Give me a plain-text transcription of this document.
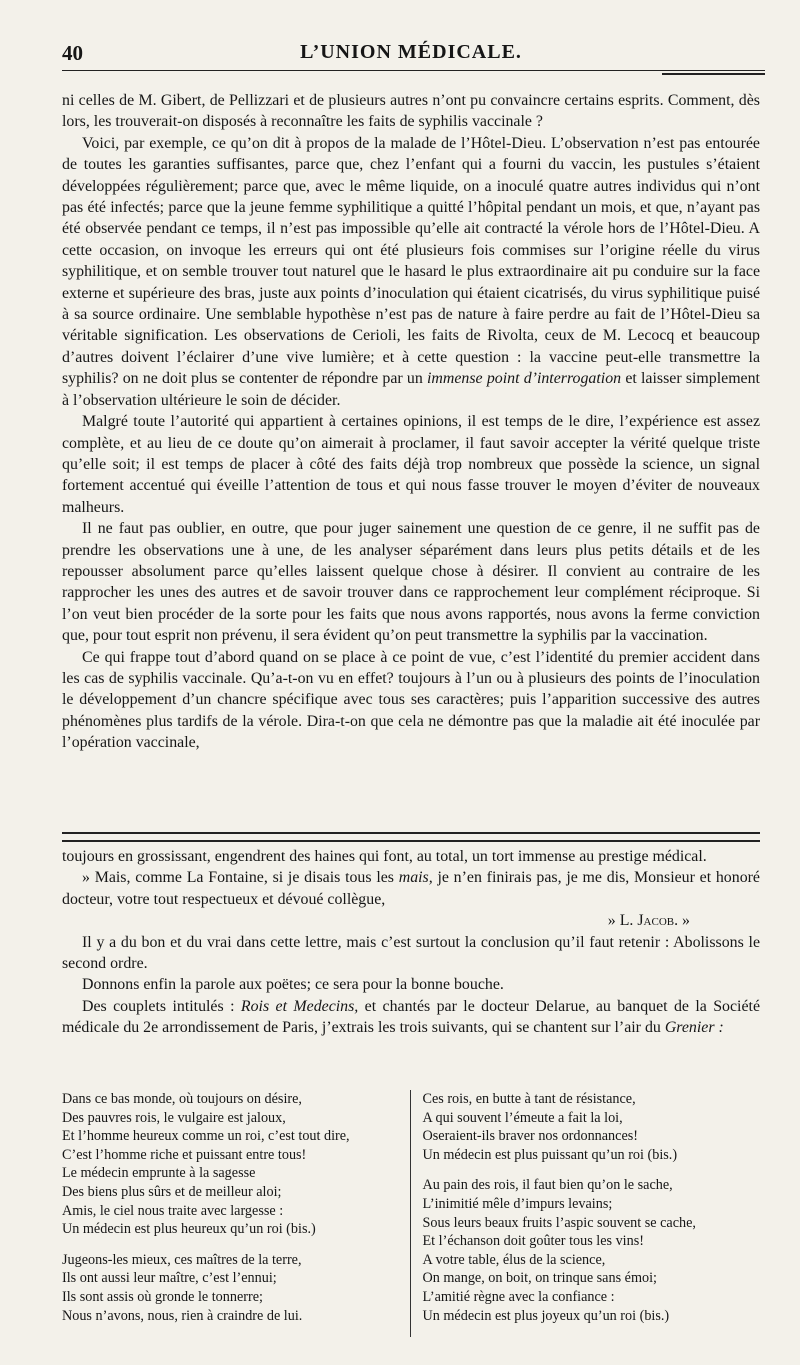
40	L’UNION MÉDICALE.

ni celles de M. Gibert, de Pellizzari et de plusieurs autres n’ont pu convaincre certains esprits. Comment, dès lors, les trouverait-on disposés à reconnaître les faits de syphilis vaccinale ?

Voici, par exemple, ce qu’on dit à propos de la malade de l’Hôtel-Dieu. L’observation n’est pas entourée de toutes les garanties suffisantes, parce que, chez l’enfant qui a fourni du vaccin, les pustules s’étaient développées régulièrement; parce que, avec le même liquide, on a inoculé quatre autres individus qui n’ont pas été infectés; parce que la jeune femme syphilitique a quitté l’hôpital pendant un mois, et que, n’ayant pas été observée pendant ce temps, il n’est pas impossible qu’elle ait contracté la vérole hors de l’Hôtel-Dieu. A cette occasion, on invoque les erreurs qui ont été plusieurs fois commises sur l’origine réelle du virus syphilitique, et on semble trouver tout naturel que le hasard le plus extraordinaire ait pu conduire sur la face externe et supérieure des bras, juste aux points d’inoculation qui étaient cicatrisés, du virus syphilitique puisé à sa source ordinaire. Une semblable hypothèse n’est pas de nature à faire perdre au fait de l’Hôtel-Dieu sa véritable signification. Les observations de Cerioli, les faits de Rivolta, ceux de M. Lecocq et beaucoup d’autres doivent l’éclairer d’une vive lumière; et à cette question : la vaccine peut-elle transmettre la syphilis? on ne doit plus se contenter de répondre par un immense point d’interrogation et laisser simplement à l’observation ultérieure le soin de décider.

Malgré toute l’autorité qui appartient à certaines opinions, il est temps de le dire, l’expérience est assez complète, et au lieu de ce doute qu’on aimerait à proclamer, il faut savoir accepter la vérité quelque triste qu’elle soit; il est temps de placer à côté des faits déjà trop nombreux que possède la science, un signal fortement accentué qui éveille l’attention de tous et qui nous fasse trouver le moyen d’éviter de nouveaux malheurs.

Il ne faut pas oublier, en outre, que pour juger sainement une question de ce genre, il ne suffit pas de prendre les observations une à une, de les analyser séparément dans leurs plus petits détails et de les repousser absolument parce qu’elles laissent quelque chose à désirer. Il convient au contraire de les rapprocher les unes des autres et de savoir trouver dans ce rapprochement leur complément réciproque. Si l’on veut bien procéder de la sorte pour les faits que nous avons rapportés, nous avons la ferme conviction que, pour tout esprit non prévenu, il sera évident qu’on peut transmettre la syphilis par la vaccination.

Ce qui frappe tout d’abord quand on se place à ce point de vue, c’est l’identité du premier accident dans les cas de syphilis vaccinale. Qu’a-t-on vu en effet? toujours à l’un ou à plusieurs des points de l’inoculation le développement d’un chancre spécifique avec tous ses caractères; puis l’apparition successive des autres phénomènes plus tardifs de la vérole. Dira-t-on que cela ne démontre pas que la maladie ait été inoculée par l’opération vaccinale,

toujours en grossissant, engendrent des haines qui font, au total, un tort immense au prestige médical.

» Mais, comme La Fontaine, si je disais tous les mais, je n’en finirais pas, je me dis, Monsieur et honoré docteur, votre tout respectueux et dévoué collègue,

» L. Jacob. »

Il y a du bon et du vrai dans cette lettre, mais c’est surtout la conclusion qu’il faut retenir : Abolissons le second ordre.

Donnons enfin la parole aux poëtes; ce sera pour la bonne bouche.

Des couplets intitulés : Rois et Medecins, et chantés par le docteur Delarue, au banquet de la Société médicale du 2e arrondissement de Paris, j’extrais les trois suivants, qui se chantent sur l’air du Grenier :

Dans ce bas monde, où toujours on désire,
Des pauvres rois, le vulgaire est jaloux,
Et l’homme heureux comme un roi, c’est tout dire,
C’est l’homme riche et puissant entre tous!
Le médecin emprunte à la sagesse
Des biens plus sûrs et de meilleur aloi;
Amis, le ciel nous traite avec largesse :
Un médecin est plus heureux qu’un roi (bis.)
Jugeons-les mieux, ces maîtres de la terre,
Ils ont aussi leur maître, c’est l’ennui;
Ils sont assis où gronde le tonnerre;
Nous n’avons, nous, rien à craindre de lui.
Ces rois, en butte à tant de résistance,
A qui souvent l’émeute a fait la loi,
Oseraient-ils braver nos ordonnances!
Un médecin est plus puissant qu’un roi (bis.)
Au pain des rois, il faut bien qu’on le sache,
L’inimitié mêle d’impurs levains;
Sous leurs beaux fruits l’aspic souvent se cache,
Et l’échanson doit goûter tous les vins!
A votre table, élus de la science,
On mange, on boit, on trinque sans émoi;
L’amitié règne avec la confiance :
Un médecin est plus joyeux qu’un roi (bis.)
